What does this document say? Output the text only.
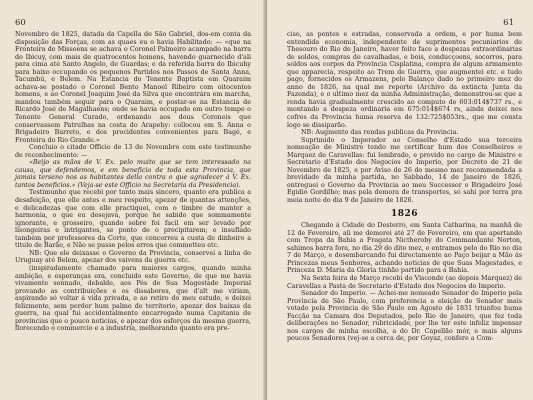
60

Novembro de 1825, datada da Capella de São Gabriel, dos-em conta da disposição das Forças, com as quaes eu o havia Habilitado: — «que na Fronteira de Missoens se achava o Coronel Palmeiro acampado na barra do Ibicuy, com mais de quatrocentos homens, havendo guarnecido d'ali para cima até Santo Angelo, de Guardas; e da referida barra do Ibicuhy para baixo occupando os pequenos Partidos nos Passos de Santa Anna, Tacumbú, e Belem. Na Estancia do Tenente Baptista em Quaraim achava-se postado o Coronel Bento Manoel Ribeiro com oitocentos homens, e ao Coronel Joaquim José da Silva que encontrára em marcha, mandou também seguir para o Quaraim, e postar-se na Estancia de Ricardo José de Magalhaens; onde se havia occupado em outro tempo o Tenente General Curado, ordenando aos dous Coroneis que conservassem Patrulhas na costa do Arapehy: collocou em S. Anna o Brigadeiro Barreto, e dos procidentes convenientes para Bagé, e Fronteira do Rio Grande.»

Concluio o citado Officio de 13 de Novembro com este testimunho de reconhecimento: —

«Beijo as mãos de V. Ex. pelo muito que se tem interessado na causa, que defendemos, e em beneficio de toda esta Provincia, que jamais terseno nos as habitantes della contra o que agradecer á V. Ex. tantos beneficios.» (Veja-se este Officio na Secretaria da Presidencia).

Testimunho que recebi por tanto mais sincero, quanto era publica a desafeição, que elle antes e meu respeito, apezar de quantas attenções, e delicadezas que com elle practiquei, com o timbre de manter a harmonia, o que eu desejava, porque he sabido que sommamente ignorante, e grosseiro, quando sobre foi facil em ser levado por lisongeiras e intrigantes, se ponto de o precipitarem; e insuflado também por professores da Corte, que concorreu a custa de dinheiro a titulo de Barão, e Não se pusse pelos erros que commetteu etc.

NB: Que ele deixasse o Governo da Provincia, conservei a linha do Uruguay até Belem, apezar dos vaivens da guerra etc.

(inspiradamente chamado para maiores cargos, quando minha ambição, e esperanças era, concluido este Governo, de que me havia vivamente sennado, debalde, aos Pés de Sua Magestade Imperial provando as contribuições e os dissabores, que d'alt me viriam, aspirando só voltar á vida privada, e ao retiro do meu estudo, e deixei felizmente, sem perder hum palmo de territorio, apezar dos baixas da guerra, na qual fui accidentalmente encarregado numa Capitania de provincias que o pouco noticias, e apezar dos esforços da mesma guerra, florecendo o commercio e a industria, melhorando quanto era pre-

61

ciso, as pontes e estradas, conservada a ordem, e por huma bem entendida economia, independente de suprimentos pecuniarios do Thesouro do Rio de Janeiro, haver feito face a despezas extraordinarias de soldos, compras de cavalhadas, e bois, conducçoens, socorros, para soldos aos corpos da Provincia Cisplatina, compra de algum armamento que apparecia, respeito ao Trem de Guerra, que augmentei etc. e tudo pago, fornecidos os Armazens, pelo Balanço dado no primeiro mez do anno de 1826, na qual me reporte (Archivo da extincta Junta da Fazenda), e o ultimo mez da minha Administração, demonstrou-se que a renda havia gradualmente crescido ao computo de 603:014$737 rs., e montando a despeza ordinaria em 675:014$674 rs, ainda deixei nos cofres da Provincia huma reserva de 132:725$053rs., que me consta logo se dissiparão.

NB: Augmento das rendas publicas da Provincia.

Suprimido o Imperador ao Conselho d'Estado sua terceira nomeação de Ministro tendo me certificar hum dos Conselheiros o Marquez de Caravellas: fui lembrado, e provido no cargo de Ministro e Secretario d'Estado dos Negocios do Imperio, por Decreto de 21 de Novembro de 1825, e por Aviso de 26 do mesmo mez recommendada a brevidade da minha partida, no Sabbado, 14 de Janeiro de 1826, entreguei o Governo da Provincia ao meu Successor o Brigadeiro José Egidio Gordilho; mas pela demora de transportes, só sahi por terra pra meia noite do dia 9 de Janeiro de 1826.

1826

Chegando á Cidade do Desterro, em Santa Catharina, na manhã de 12 de Fevereiro, ali me demorei até 27 de Fevereiro, em que apertando com Tropa da Bahia a Fragata Nictheroby do Commandante Norton, sahimos barra fora, no dia 29 do dito mez, e entramos pelo do Rio no dia 7 de Março, e desembarcando fui directamente ao Paço beijar a Mão ás Princezas meus Senhores, achando noticias de que Suas Magestades, e Princeza D. Maria da Gloria tinhão partido para a Bahia.

Na Sexta feira de Março recebi do Visconde (ao depois Marquez) de Caravellas a Pasta de Secretario d'Estado dos Negocios do Imperio.

Senador do Imperio. — Achei-me nomeado Senador do Imperio pela Provincia de São Paulo, com preferencia a eleição de Senador mais votado pela Provincia de São Paulo em Agosto de 1831 triunfou huma Facção na Camara dos Deputados, pelo Rio de Janeiro, que fez toda deliberações no Senador, rubricidade, por lhe ter este infeliz impensar nos cargos de minha escolha, a do Dr. Capellão mór, e mais alguns poucos Senadores (vej-se a cerca de, por Goyaz, confere a Com-
